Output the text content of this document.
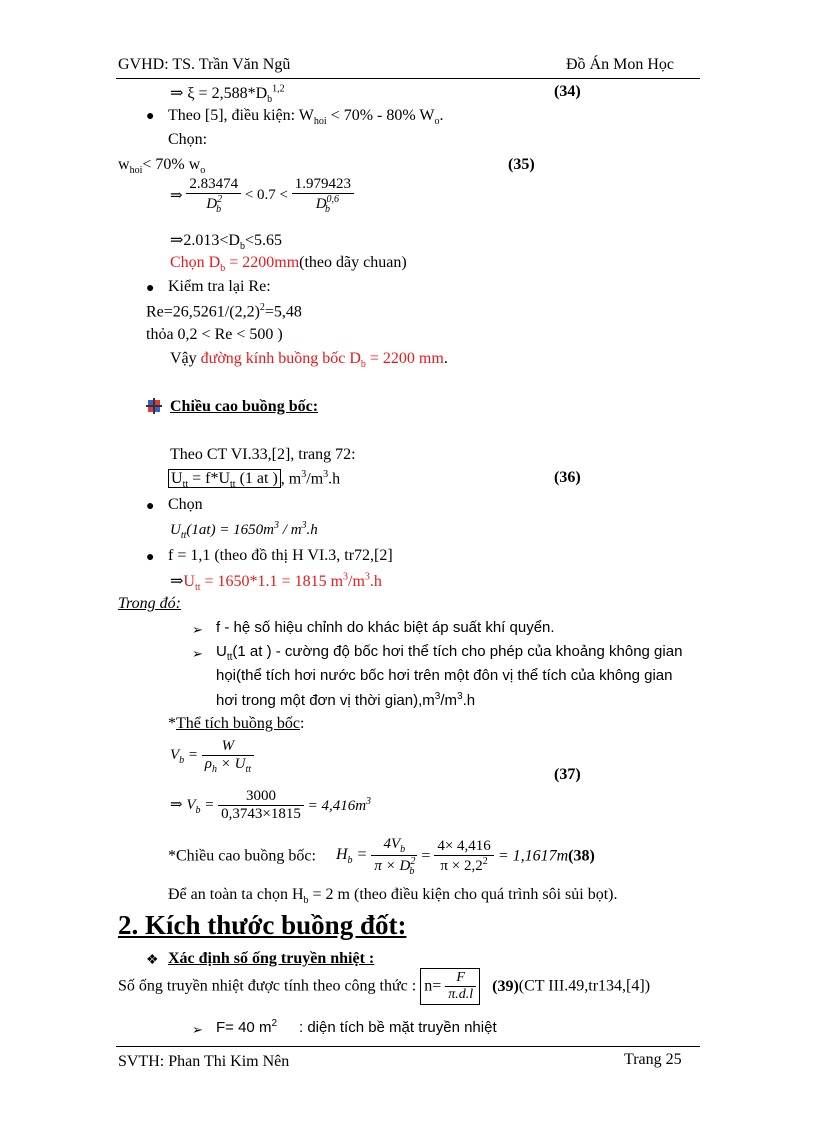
GVHD: TS. Trần Văn Ngũ	Đồ Án Mon Học
⇒ $\xi = 2,588*D_b^{1,2}$	(34)
● Theo [5], điều kiện: $W_{hoi} < 70\% - 80\%$ $W_o$.
Chọn:
$w_{hoi}< 70\%$ $w_o$	(35)
⇒ $\frac{2.83474}{D^2_b} < 0.7 < \frac{1.979423}{D^{0,6}_b}$
$\Rightarrow 2.013<D_b<5.65$
Chọn $D_b$ = 2200mm(theo dãy chuan)
● Kiểm tra lại Re:
$Re=26,5261/(2,2)^2=5,48$
thỏa 0,2 < Re < 500 )
Vậy đường kính buồng bốc $D_b = 2200$ mm.
Chiều cao buồng bốc:
Theo CT VI.33,[2], trang 72:
$U_{tt} = f*U_{tt}$ (1 at ) , $m^3/m^3.h$	(36)
● Chọn
$U_{tt}(1at) = 1650m^3 / m^3.h$
● f = 1,1 (theo đồ thị H VI.3, tr72,[2]
$\Rightarrow U_{tt} = 1650*1.1 = 1815$ $m^3/m^3.h$
Trong đó:
➢ f - hệ số hiệu chỉnh do khác biệt áp suất khí quyển.
➢ $U_{tt}(1$ at ) - cường độ bốc hơi thể tích cho phép của khoảng không gian
họi(thể tích hơi nước bốc hơi trên một đôn vị thể tích của không gian
hơi trong một đơn vị thời $gian),m^3/m^3.h$
*Thể tích buồng bốc:
$V_b = \frac{W}{\rho_h \times U_{tt}}$	(37)
⇒ $V_b = \frac{3000}{0,3743\times 1815} = 4,416m^3$
*Chiều cao buồng bốc: $H_b = \frac{4V_b}{\pi \times D^2_b} = \frac{4\times 4,416}{\pi \times 2,2^2} = 1,1617m(38)$
Để an toàn ta chọn $H_b = 2$ m (theo điều kiện cho quá trình sôi sủi bọt).
2. Kích thước buồng đốt:
❖ Xác định số ống truyền nhiệt :
Số ống truyền nhiệt được tính theo công thức : $n= \frac{F}{\pi.d.l} (39)(CT$ III.49,tr134,[4])
➢ F= 40 $m^2$ : diện tích bề mặt truyền nhiệt
SVTH: Phan Thi Kim Nên	Trang 25
